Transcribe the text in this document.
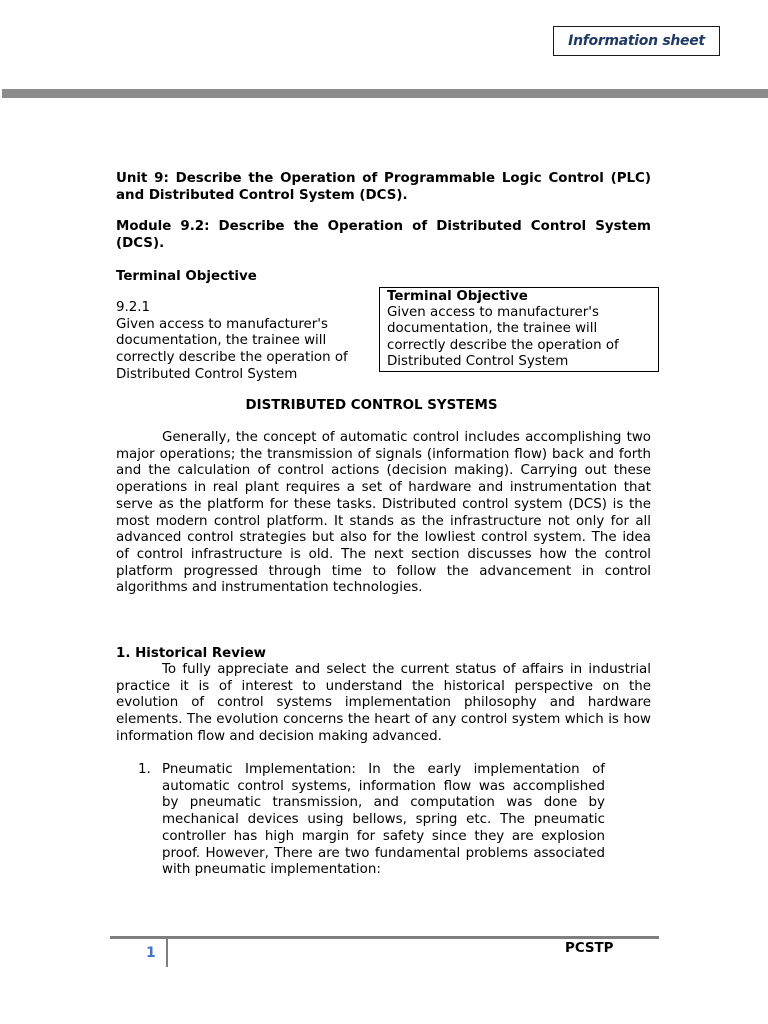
Information sheet

Unit 9: Describe the Operation of Programmable Logic Control (PLC) and Distributed Control System (DCS).

Module 9.2: Describe the Operation of Distributed Control System (DCS).

Terminal Objective
9.2.1
Given access to manufacturer's documentation, the trainee will correctly describe the operation of Distributed Control System
Terminal Objective
Given access to manufacturer's documentation, the trainee will correctly describe the operation of Distributed Control System
DISTRIBUTED CONTROL SYSTEMS

Generally, the concept of automatic control includes accomplishing two major operations; the transmission of signals (information flow) back and forth and the calculation of control actions (decision making). Carrying out these operations in real plant requires a set of hardware and instrumentation that serve as the platform for these tasks. Distributed control system (DCS) is the most modern control platform. It stands as the infrastructure not only for all advanced control strategies but also for the lowliest control system. The idea of control infrastructure is old. The next section discusses how the control platform progressed through time to follow the advancement in control algorithms and instrumentation technologies.

1. Historical Review

To fully appreciate and select the current status of affairs in industrial practice it is of interest to understand the historical perspective on the evolution of control systems implementation philosophy and hardware elements. The evolution concerns the heart of any control system which is how information flow and decision making advanced.

1. Pneumatic Implementation: In the early implementation of automatic control systems, information flow was accomplished by pneumatic transmission, and computation was done by mechanical devices using bellows, spring etc. The pneumatic controller has high margin for safety since they are explosion proof. However, There are two fundamental problems associated with pneumatic implementation:

1	PCSTP
